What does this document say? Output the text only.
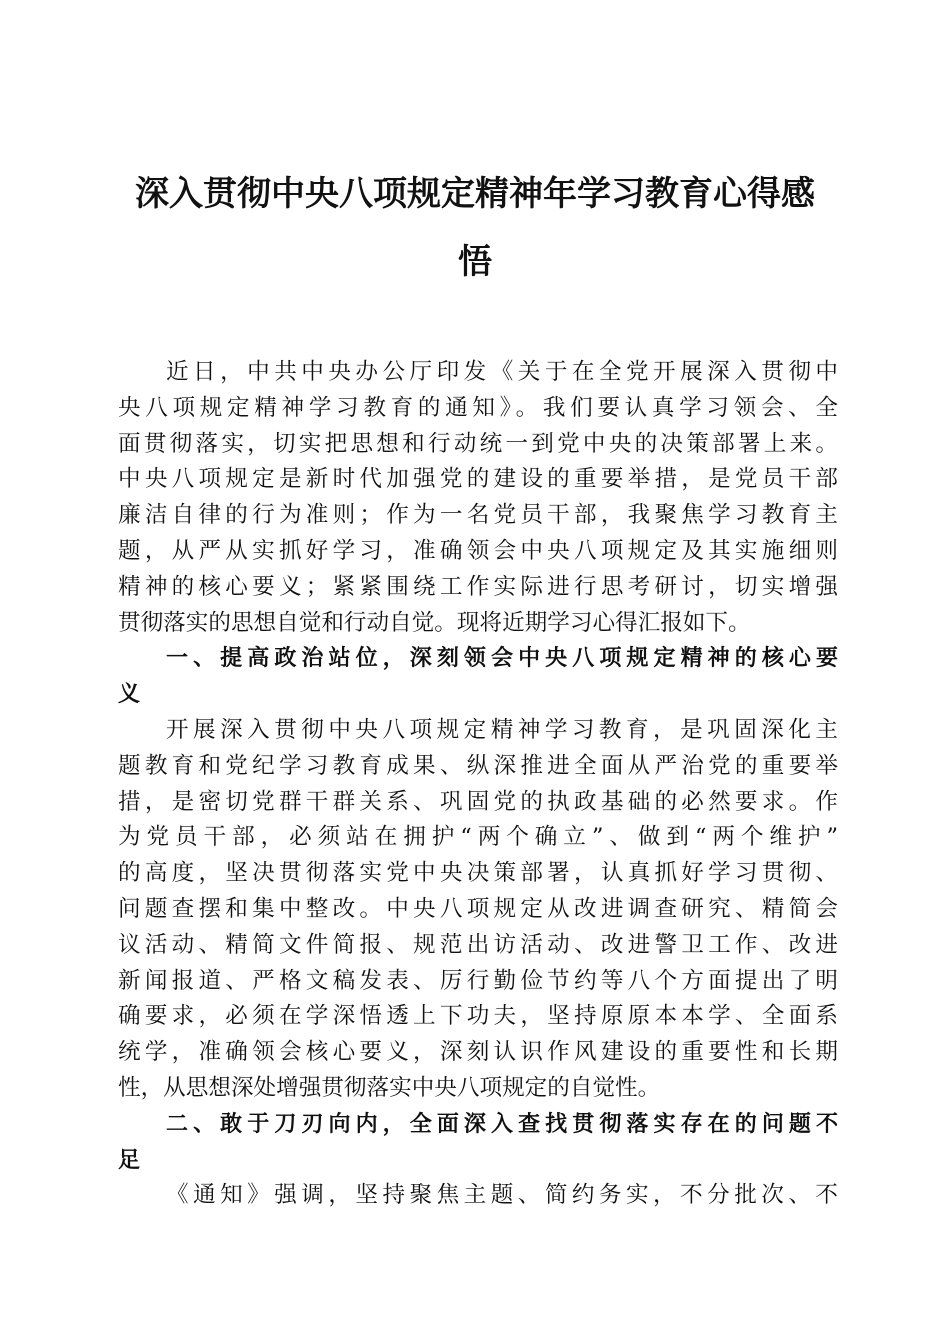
深入贯彻中央八项规定精神年学习教育心得感
悟
近日，中共中央办公厅印发《关于在全党开展深入贯彻中
央八项规定精神学习教育的通知》。我们要认真学习领会、全
面贯彻落实，切实把思想和行动统一到党中央的决策部署上来。
中央八项规定是新时代加强党的建设的重要举措，是党员干部
廉洁自律的行为准则；作为一名党员干部，我聚焦学习教育主
题，从严从实抓好学习，准确领会中央八项规定及其实施细则
精神的核心要义；紧紧围绕工作实际进行思考研讨，切实增强
贯彻落实的思想自觉和行动自觉。现将近期学习心得汇报如下。
一、提高政治站位，深刻领会中央八项规定精神的核心要
义
开展深入贯彻中央八项规定精神学习教育，是巩固深化主
题教育和党纪学习教育成果、纵深推进全面从严治党的重要举
措，是密切党群干群关系、巩固党的执政基础的必然要求。作
为党员干部，必须站在拥护“两个确立”、做到“两个维护”
的高度，坚决贯彻落实党中央决策部署，认真抓好学习贯彻、
问题查摆和集中整改。中央八项规定从改进调查研究、精简会
议活动、精简文件简报、规范出访活动、改进警卫工作、改进
新闻报道、严格文稿发表、厉行勤俭节约等八个方面提出了明
确要求，必须在学深悟透上下功夫，坚持原原本本学、全面系
统学，准确领会核心要义，深刻认识作风建设的重要性和长期
性，从思想深处增强贯彻落实中央八项规定的自觉性。
二、敢于刀刃向内，全面深入查找贯彻落实存在的问题不
足
《通知》强调，坚持聚焦主题、简约务实，不分批次、不
